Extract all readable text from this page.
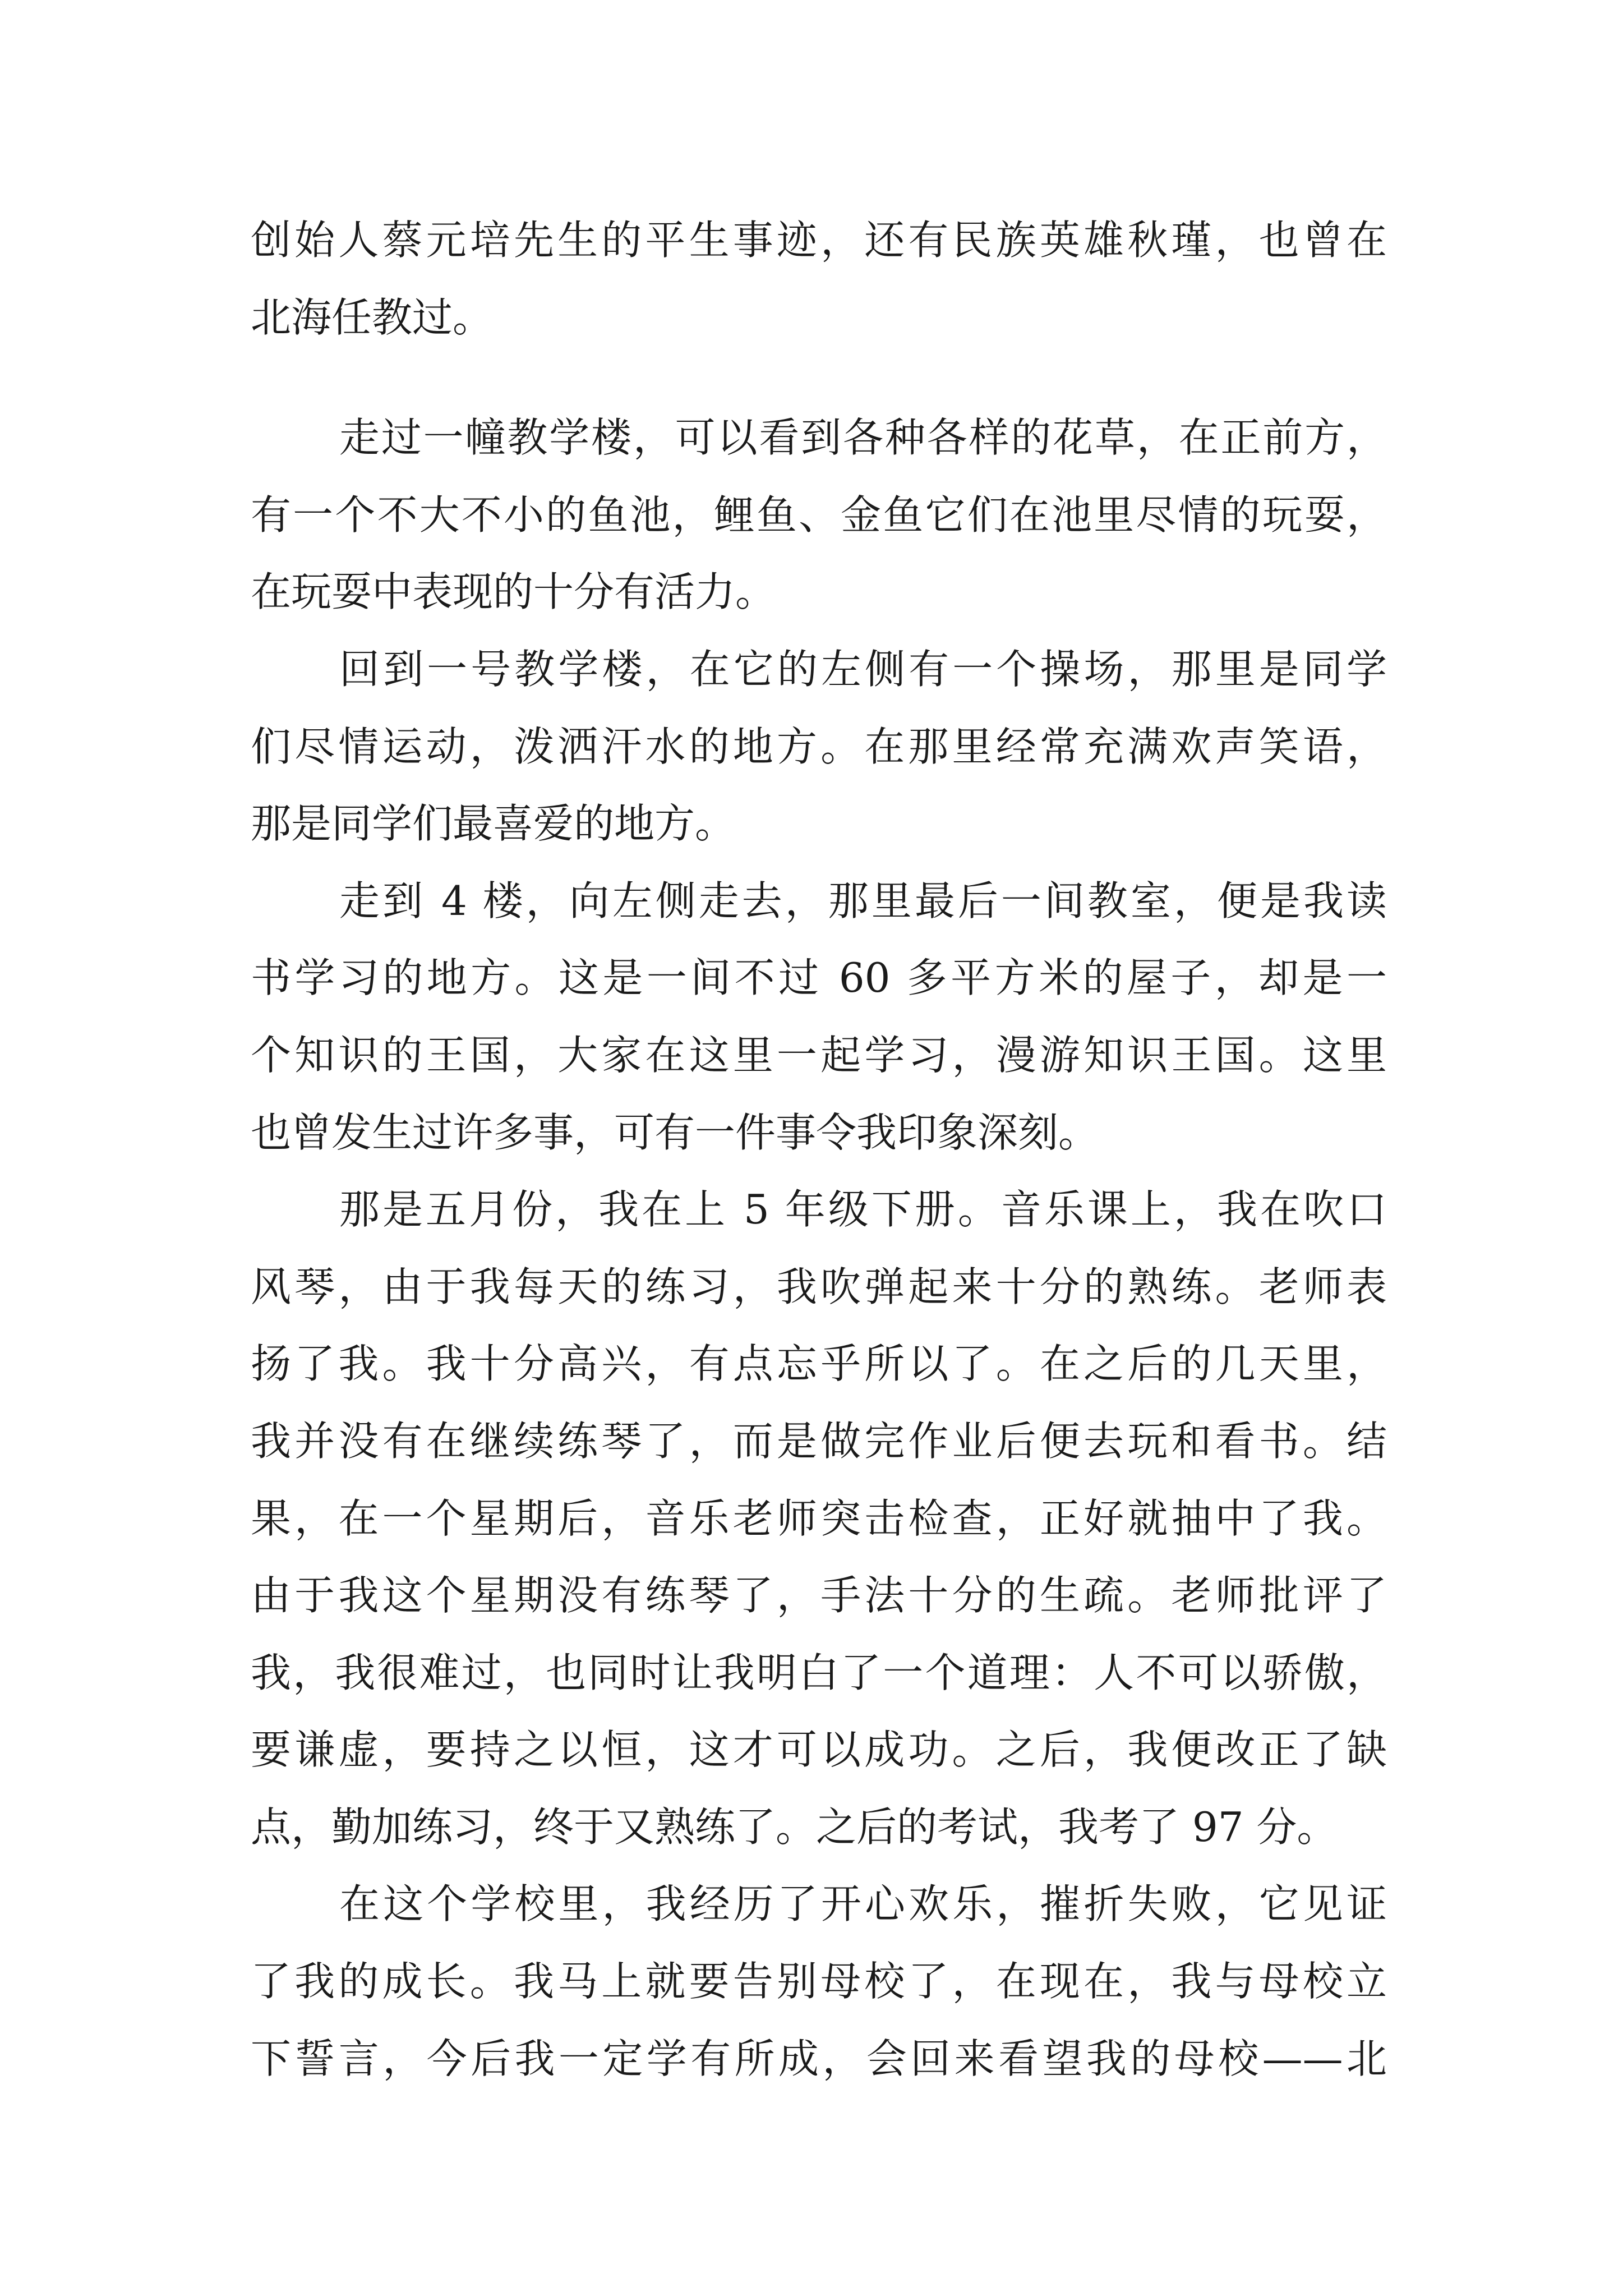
创始人蔡元培先生的平生事迹，还有民族英雄秋瑾，也曾在
北海任教过。
走过一幢教学楼，可以看到各种各样的花草，在正前方，
有一个不大不小的鱼池，鲤鱼、金鱼它们在池里尽情的玩耍，
在玩耍中表现的十分有活力。
回到一号教学楼，在它的左侧有一个操场，那里是同学
们尽情运动，泼洒汗水的地方。在那里经常充满欢声笑语，
那是同学们最喜爱的地方。
走到 4 楼，向左侧走去，那里最后一间教室，便是我读
书学习的地方。这是一间不过 60 多平方米的屋子，却是一
个知识的王国，大家在这里一起学习，漫游知识王国。这里
也曾发生过许多事，可有一件事令我印象深刻。
那是五月份，我在上 5 年级下册。音乐课上，我在吹口
风琴，由于我每天的练习，我吹弹起来十分的熟练。老师表
扬了我。我十分高兴，有点忘乎所以了。在之后的几天里，
我并没有在继续练琴了，而是做完作业后便去玩和看书。结
果，在一个星期后，音乐老师突击检查，正好就抽中了我。
由于我这个星期没有练琴了，手法十分的生疏。老师批评了
我，我很难过，也同时让我明白了一个道理：人不可以骄傲，
要谦虚，要持之以恒，这才可以成功。之后，我便改正了缺
点，勤加练习，终于又熟练了。之后的考试，我考了 97 分。
在这个学校里，我经历了开心欢乐，摧折失败，它见证
了我的成长。我马上就要告别母校了，在现在，我与母校立
下誓言，今后我一定学有所成，会回来看望我的母校——北
